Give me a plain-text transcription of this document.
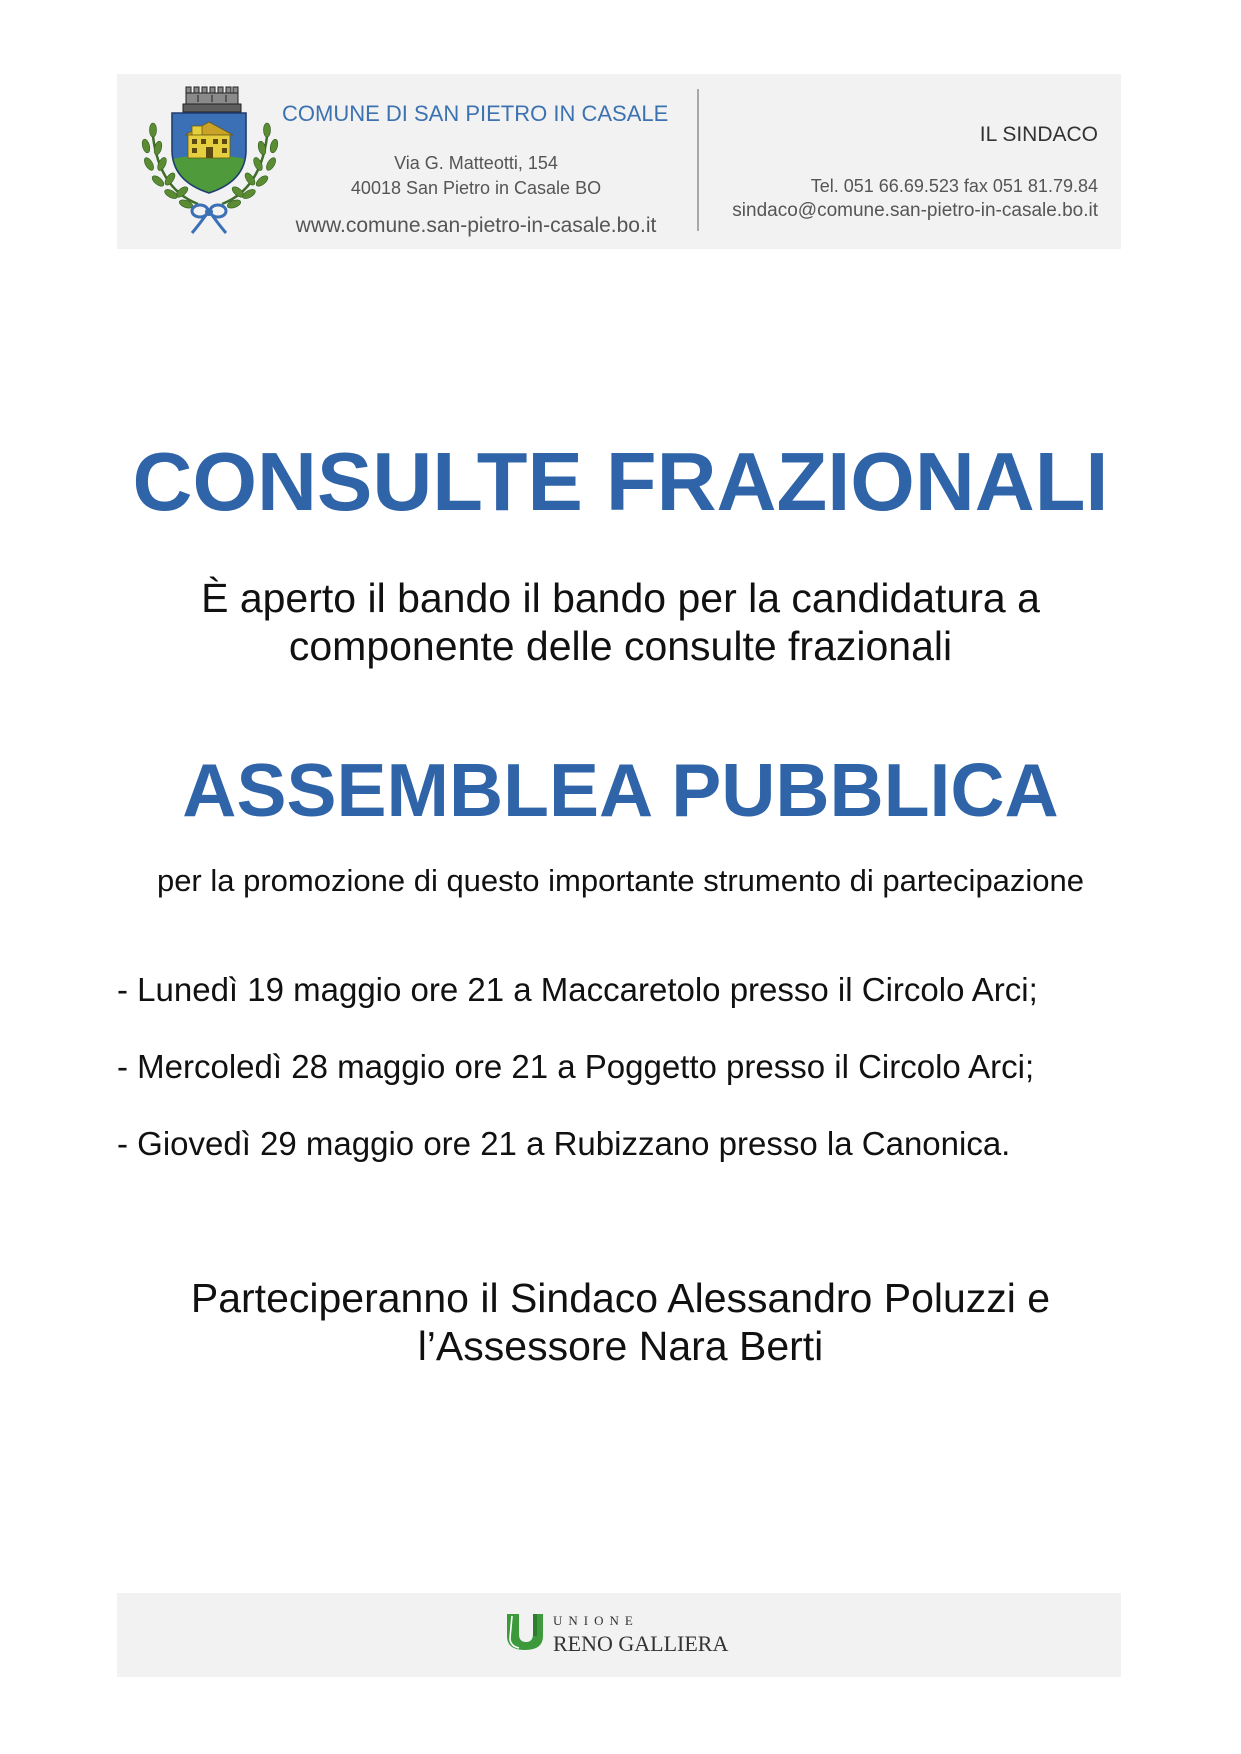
COMUNE DI SAN PIETRO IN CASALE
Via G. Matteotti, 154
40018 San Pietro in Casale BO
www.comune.san-pietro-in-casale.bo.it
IL SINDACO
Tel. 051 66.69.523 fax 051 81.79.84
sindaco@comune.san-pietro-in-casale.bo.it
CONSULTE FRAZIONALI
È aperto il bando il bando per la candidatura a
componente delle consulte frazionali
ASSEMBLEA PUBBLICA
per la promozione di questo importante strumento di partecipazione
- Lunedì 19 maggio ore 21 a Maccaretolo presso il Circolo Arci;
- Mercoledì 28 maggio ore 21 a Poggetto presso il Circolo Arci;
- Giovedì 29 maggio ore 21 a Rubizzano presso la Canonica.
Parteciperanno il Sindaco Alessandro Poluzzi e
l’Assessore Nara Berti
UNIONE
RENO GALLIERA
